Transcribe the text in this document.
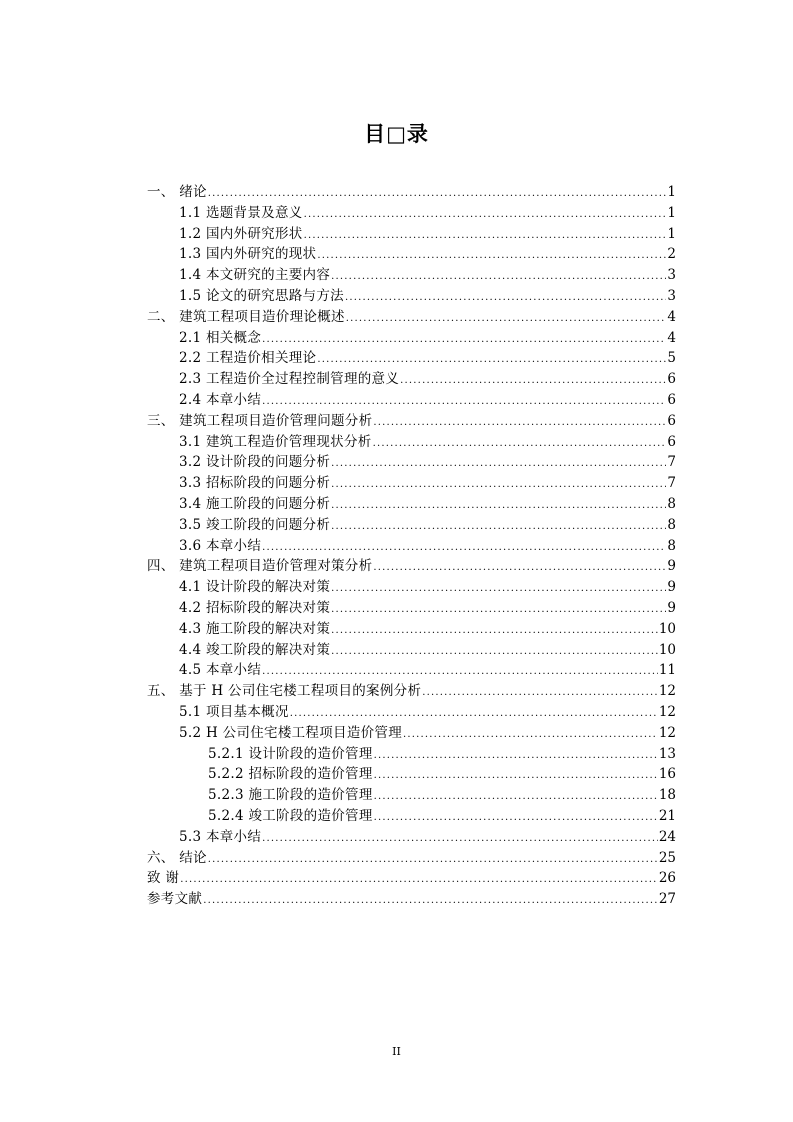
目□录
一、 绪论 .....	1
1.1 选题背景及意义 .....	1
1.2 国内外研究形状 .....	1
1.3 国内外研究的现状 .....	2
1.4 本文研究的主要内容 .....	3
1.5 论文的研究思路与方法 .....	3
二、 建筑工程项目造价理论概述 .....	4
2.1 相关概念 .....	4
2.2 工程造价相关理论 .....	5
2.3 工程造价全过程控制管理的意义 .....	6
2.4 本章小结 .....	6
三、 建筑工程项目造价管理问题分析 .....	6
3.1 建筑工程造价管理现状分析 .....	6
3.2 设计阶段的问题分析 .....	7
3.3 招标阶段的问题分析 .....	7
3.4 施工阶段的问题分析 .....	8
3.5 竣工阶段的问题分析 .....	8
3.6 本章小结 .....	8
四、 建筑工程项目造价管理对策分析 .....	9
4.1 设计阶段的解决对策 .....	9
4.2 招标阶段的解决对策 .....	9
4.3 施工阶段的解决对策 .....	10
4.4 竣工阶段的解决对策 .....	10
4.5 本章小结 .....	11
五、 基于 H 公司住宅楼工程项目的案例分析 .....	12
5.1 项目基本概况 .....	12
5.2 H 公司住宅楼工程项目造价管理 .....	12
5.2.1 设计阶段的造价管理 .....	13
5.2.2 招标阶段的造价管理 .....	16
5.2.3 施工阶段的造价管理 .....	18
5.2.4 竣工阶段的造价管理 .....	21
5.3 本章小结 .....	24
六、 结论 .....	25
致 谢 .....	26
参考文献 .....	27
II
